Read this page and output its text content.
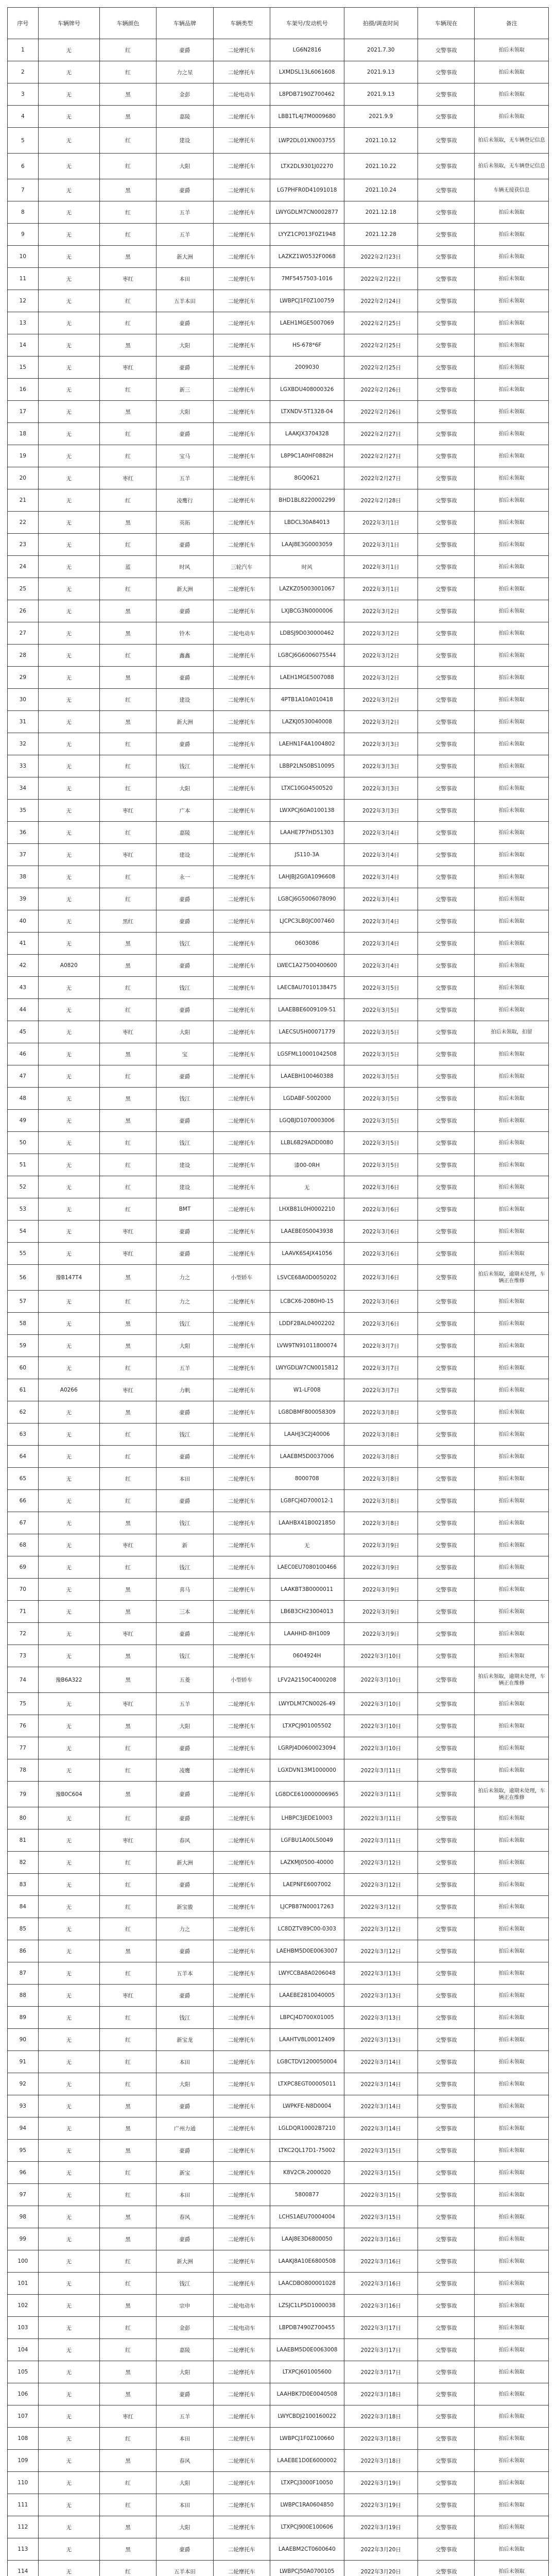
序号	车辆牌号	车辆颜色	车辆品牌	车辆类型	车架号/发动机号	拍摄/调查时间	车辆现在	备注
1	无	红	豪爵	二轮摩托车	LG6N2816	2021.7.30	交警事故	拍后未领取
2	无	红	力之星	二轮摩托车	LXMDSL13L6061608	2021.9.13	交警事故	拍后未领取
3	无	黑	金彭	二轮电动车	L8PDB7190Z700462	2021.9.13	交警事故	拍后未领取
4	无	黑	嘉陵	二轮摩托车	LBB1TL4J7M0009680	2021.9.9	交警事故	拍后未领取
5	无	红	建设	二轮摩托车	LWP2DL01XN003755	2021.10.12	交警事故	拍后未领取，无车辆登记信息
6	无	红	大阳	二轮摩托车	LTX2DL9301J02270	2021.10.22	交警事故	拍后未领取，无车辆登记信息
7	无	黑	豪爵	二轮摩托车	LG7PHFR0D41091018	2021.10.24	交警事故	车辆无接获信息
8	无	红	五羊	二轮摩托车	LWYGDLM7CN0002877	2021.12.18	交警事故	拍后未领取
9	无	红	五羊	二轮摩托车	LYYZ1CP013F0Z1948	2021.12.28	交警事故	拍后未领取
10	无	黑	新大洲	二轮摩托车	LAZKZ1W0532F0068	2022年2月23日	交警事故	拍后未领取
11	无	枣红	本田	二轮摩托车	7MF5457503-1016	2022年2月22日	交警事故	拍后未领取
12	无	红	五羊本田	二轮摩托车	LWBPCJ1F0Z100759	2022年2月24日	交警事故	拍后未领取
13	无	红	豪爵	二轮摩托车	LAEH1MGE5007069	2022年2月25日	交警事故	拍后未领取
14	无	黑	大阳	二轮摩托车	HS-678*6F	2022年2月25日	交警事故	拍后未领取
15	无	枣红	豪爵	二轮摩托车	2009030	2022年2月25日	交警事故	拍后未领取
16	无	红	新三	二轮摩托车	LGXBDU408000326	2022年2月26日	交警事故	拍后未领取
17	无	黑	大阳	二轮摩托车	LTXNDV-5T1328-04	2022年2月26日	交警事故	拍后未领取
18	无	红	豪爵	二轮摩托车	LAAKJX3704328	2022年2月27日	交警事故	拍后未领取
19	无	红	宝马	二轮摩托车	L8P9C1A0HF0882H	2022年2月27日	交警事故	拍后未领取
20	无	枣红	五羊	二轮摩托车	8GQ0621	2022年2月27日	交警事故	拍后未领取
21	无	红	凌鹰行	二轮摩托车	BHD1BL8220002299	2022年2月28日	交警事故	拍后未领取
22	无	黑	英拓	二轮摩托车	LBDCL30A84013	2022年3月1日	交警事故	拍后未领取
23	无	红	豪爵	二轮摩托车	LAAJ8E3G0003059	2022年3月1日	交警事故	拍后未领取
24	无	蓝	时风	三轮汽车	时风	2022年3月1日	交警事故	拍后未领取
25	无	红	新大洲	二轮摩托车	LAZKZ05003001067	2022年3月1日	交警事故	拍后未领取
26	无	黑	豪爵	二轮摩托车	LXJBCG3N0000006	2022年3月2日	交警事故	拍后未领取
27	无	黑	铃木	二轮电动车	LDBSJ9D030000462	2022年3月2日	交警事故	拍后未领取
28	无	红	鑫鑫	二轮摩托车	LG8CJ6G6006075544	2022年3月2日	交警事故	拍后未领取
29	无	黑	豪爵	二轮摩托车	LAEH1MGE5007088	2022年3月2日	交警事故	拍后未领取
30	无	红	建设	二轮摩托车	4PTB1A10A010418	2022年3月2日	交警事故	拍后未领取
31	无	黑	新大洲	二轮摩托车	LAZKJ0530040008	2022年3月2日	交警事故	拍后未领取
32	无	红	豪爵	二轮摩托车	LAEHN1F4A1004802	2022年3月3日	交警事故	拍后未领取
33	无	红	钱江	二轮摩托车	LBBP2LNS0BS10095	2022年3月3日	交警事故	拍后未领取
34	无	红	大阳	二轮摩托车	LTXC10G04500520	2022年3月3日	交警事故	拍后未领取
35	无	枣红	广本	二轮摩托车	LWXPCJ60A0100138	2022年3月3日	交警事故	拍后未领取
36	无	红	嘉陵	二轮摩托车	LAAHE7P7HD51303	2022年3月4日	交警事故	拍后未领取
37	无	枣红	建设	二轮摩托车	JS110-3A	2022年3月4日	交警事故	拍后未领取
38	无	红	永一	二轮摩托车	LAHJBJ2G0A1096608	2022年3月4日	交警事故	拍后未领取
39	无	红	豪爵	二轮摩托车	LG8CJ6G5006078090	2022年3月4日	交警事故	拍后未领取
40	无	黑红	豪爵	二轮摩托车	LJCPC3LB0JC007460	2022年3月4日	交警事故	拍后未领取
41	无	黑	钱江	二轮摩托车	0603086	2022年3月4日	交警事故	拍后未领取
42	A0820	黑	豪爵	二轮摩托车	LWEC1A27500400600	2022年3月4日	交警事故	拍后未领取
43	无	红	钱江	二轮摩托车	LAEC8AU7010138475	2022年3月5日	交警事故	拍后未领取
44	无	红	豪爵	二轮摩托车	LAAEBBE6009109-51	2022年3月5日	交警事故	拍后未领取
45	无	枣红	大阳	二轮摩托车	LAECSU5H00071779	2022年3月5日	交警事故	拍后未领取，扣留
46	无	黑	宝	二轮摩托车	LGSFML10001042508	2022年3月5日	交警事故	拍后未领取
47	无	红	豪爵	二轮摩托车	LAAEBH100460388	2022年3月5日	交警事故	拍后未领取
48	无	黑	钱江	二轮摩托车	LGDABF-5002000	2022年3月5日	交警事故	拍后未领取
49	无	黑	豪爵	二轮摩托车	LGQBJD1070003006	2022年3月5日	交警事故	拍后未领取
50	无	红	钱江	二轮摩托车	LLBL6B29ADD0080	2022年3月5日	交警事故	拍后未领取
51	无	红	建设	二轮摩托车	漆00-0RH	2022年3月5日	交警事故	拍后未领取
52	无	红	建设	二轮摩托车	无	2022年3月6日	交警事故	拍后未领取
53	无	红	BMT	二轮摩托车	LHXB81L0H0002210	2022年3月6日	交警事故	拍后未领取
54	无	枣红	豪爵	二轮摩托车	LAAEBE0S0043938	2022年3月6日	交警事故	拍后未领取
55	无	枣红	豪爵	二轮摩托车	LAAVK6S4JX41056	2022年3月6日	交警事故	拍后未领取
56	豫B147T4	黑	力之	小型轿车	LSVCE68A0D0050202	2022年3月6日	交警事故	拍后未领取，逾期未处理，车辆正在维修
57	无	红	力之	二轮摩托车	LCBCX6-2080H0-15	2022年3月6日	交警事故	拍后未领取
58	无	黑	钱江	二轮摩托车	LDDF2BAL04002202	2022年3月6日	交警事故	拍后未领取
59	无	黑	大阳	二轮摩托车	LVW9TN91011800074	2022年3月7日	交警事故	拍后未领取
60	无	红	五羊	二轮摩托车	LWYGDLW7CN0015812	2022年3月7日	交警事故	拍后未领取
61	A0266	枣红	力帆	二轮摩托车	W1-LF008	2022年3月7日	交警事故	拍后未领取
62	无	黑	豪爵	二轮摩托车	LG8DBMF800058309	2022年3月8日	交警事故	拍后未领取
63	无	红	钱江	二轮摩托车	LAAHJ3C2J40006	2022年3月8日	交警事故	拍后未领取
64	无	红	豪爵	二轮摩托车	LAAEBM5D0037006	2022年3月8日	交警事故	拍后未领取
65	无	红	本田	二轮摩托车	8000708	2022年3月8日	交警事故	拍后未领取
66	无	红	豪爵	二轮摩托车	LG8FCJ4D700012-1	2022年3月8日	交警事故	拍后未领取
67	无	黑	钱江	二轮摩托车	LAAHBX41B0021850	2022年3月8日	交警事故	拍后未领取
68	无	枣红	新	二轮摩托车	无	2022年3月9日	交警事故	拍后未领取
69	无	红	钱江	二轮摩托车	LAEC0EU7080100466	2022年3月9日	交警事故	拍后未领取
70	无	黑	喜马	二轮摩托车	LAAKBT3B0000011	2022年3月9日	交警事故	拍后未领取
71	无	黑	三本	二轮摩托车	LB6B3CH23004013	2022年3月9日	交警事故	拍后未领取
72	无	枣红	豪爵	二轮摩托车	LAAHHD-8H1009	2022年3月9日	交警事故	拍后未领取
73	无	黑	钱江	二轮摩托车	0604924H	2022年3月10日	交警事故	拍后未领取
74	豫B6A322	黑	五菱	小型轿车	LFV2A2150C4000208	2022年3月10日	交警事故	拍后未领取，逾期未处理，车辆正在维修
75	无	枣红	五羊	二轮摩托车	LWYDLM7CN0026-49	2022年3月10日	交警事故	拍后未领取
76	无	黑	大阳	二轮摩托车	LTXPCJ901005502	2022年3月10日	交警事故	拍后未领取
77	无	红	豪爵	二轮摩托车	LGRPJ4D0600023094	2022年3月10日	交警事故	拍后未领取
78	无	红	凌鹰	二轮摩托车	LGXDVN13M1000000	2022年3月11日	交警事故	拍后未领取
79	豫B0C604	黑	豪爵	二轮摩托车	LG8DCE610000006965	2022年3月11日	交警事故	拍后未领取，逾期未处理，车辆正在维修
80	无	红	豪爵	二轮摩托车	LHBPC3JEDE10003	2022年3月11日	交警事故	拍后未领取
81	无	枣红	春风	二轮摩托车	LGFBU1A00LS0049	2022年3月11日	交警事故	拍后未领取
82	无	红	新大洲	二轮摩托车	LAZKMJ0500-40000	2022年3月12日	交警事故	拍后未领取
83	无	红	豪爵	二轮摩托车	LAEPNFE6007002	2022年3月12日	交警事故	拍后未领取
84	无	红	新宝骏	二轮摩托车	LJCPB87N00017263	2022年3月12日	交警事故	拍后未领取
85	无	红	力之	二轮摩托车	LC8DZTV89C00-0303	2022年3月12日	交警事故	拍后未领取
86	无	黑	豪爵	二轮摩托车	LAEHBM5D0E0063007	2022年3月12日	交警事故	拍后未领取
87	无	红	五羊本	二轮摩托车	LWYCCBA8A0206048	2022年3月13日	交警事故	拍后未领取
88	无	枣红	豪爵	二轮摩托车	LAAEBE2810040005	2022年3月13日	交警事故	拍后未领取
89	无	红	钱江	二轮摩托车	LBPCJ4D700X01005	2022年3月13日	交警事故	拍后未领取
90	无	红	新宝龙	二轮摩托车	LAAHTV8L00012409	2022年3月13日	交警事故	拍后未领取
91	无	红	本田	二轮摩托车	LG8CTDV1200050004	2022年3月14日	交警事故	拍后未领取
92	无	红	大阳	二轮摩托车	LTXPC8EGT00005011	2022年3月14日	交警事故	拍后未领取
93	无	黑	豪爵	二轮摩托车	LWPKFE-N8D0004	2022年3月14日	交警事故	拍后未领取
94	无	黑	广州力通	二轮摩托车	LGLDQR10002B7210	2022年3月14日	交警事故	拍后未领取
95	无	黑	豪爵	二轮摩托车	LTKC2QL17D1-75002	2022年3月15日	交警事故	拍后未领取
96	无	红	新宝	二轮摩托车	K8V2CR-2000020	2022年3月15日	交警事故	拍后未领取
97	无	红	本田	二轮摩托车	5800877	2022年3月15日	交警事故	拍后未领取
98	无	黑	春风	二轮摩托车	LCHS1AEU70004004	2022年3月15日	交警事故	拍后未领取
99	无	黑	豪爵	二轮摩托车	LAAJ8E3D6800050	2022年3月16日	交警事故	拍后未领取
100	无	红	新大洲	二轮摩托车	LAAKJ8A10E6800508	2022年3月16日	交警事故	拍后未领取
101	无	红	钱江	二轮摩托车	LAACDBO800001028	2022年3月16日	交警事故	拍后未领取
102	无	黑	宗申	二轮电动车	LZSJC1LP5D1000038	2022年3月16日	交警事故	拍后未领取
103	无	红	金彭	二轮电动车	LBPDB7490Z700455	2022年3月17日	交警事故	拍后未领取
104	无	红	嘉陵	二轮摩托车	LAAEBM5D0E0063008	2022年3月17日	交警事故	拍后未领取
105	无	黑	大阳	二轮摩托车	LTXPCJ601005600	2022年3月17日	交警事故	拍后未领取
106	无	黑	豪爵	二轮摩托车	LAAHBK7D0E0040508	2022年3月18日	交警事故	拍后未领取
107	无	枣红	五羊	二轮摩托车	LWYCBDJ2100160022	2022年3月18日	交警事故	拍后未领取
108	无	红	本田	二轮摩托车	LWBPCJ1F0Z100660	2022年3月18日	交警事故	拍后未领取
109	无	黑	春风	二轮摩托车	LAAEBE1D0E6000002	2022年3月18日	交警事故	拍后未领取
110	无	红	大阳	二轮摩托车	LTXPCJ3000F10050	2022年3月19日	交警事故	拍后未领取
111	无	红	本田	二轮摩托车	LWBPC1RA0604850	2022年3月19日	交警事故	拍后未领取
112	无	黑	大阳	二轮摩托车	LTXPCJ900E100606	2022年3月19日	交警事故	拍后未领取
113	无	黑	豪爵	二轮摩托车	LAAEBM2CT0600640	2022年3月20日	交警事故	拍后未领取
114	无	红	五羊本田	二轮摩托车	LWBPCJ50A0700105	2022年3月20日	交警事故	拍后未领取
